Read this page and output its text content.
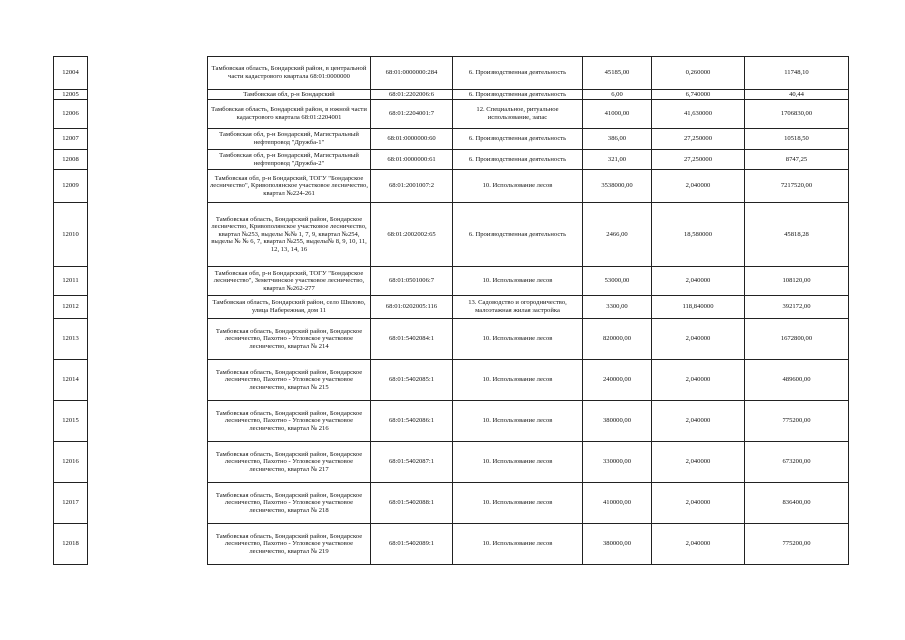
12004		Тамбовская область, Бондарский район, в центральной части кадастрового квартала 68:01:0000000	68:01:0000000:284	6. Производственная деятельность	45185,00	0,260000	11748,10
12005		Тамбовская обл, р-н Бондарский	68:01:2202006:6	6. Производственная деятельность	6,00	6,740000	40,44
12006		Тамбовская область, Бондарский район, в южной части кадастрового квартала 68:01:2204001	68:01:2204001:7	12. Специальное, ритуальное использование, запас	41000,00	41,630000	1706830,00
12007		Тамбовская обл, р-н Бондарский, Магистральный нефтепровод "Дружба-1"	68:01:0000000:60	6. Производственная деятельность	386,00	27,250000	10518,50
12008		Тамбовская обл, р-н Бондарский, Магистральный нефтепровод "Дружба-2"	68:01:0000000:61	6. Производственная деятельность	321,00	27,250000	8747,25
12009		Тамбовская обл, р-н Бондарский, ТОГУ "Бондарское лесничество", Кривополянское участковое лесничество, квартал №224-261	68:01:2001007:2	10. Использование лесов	3538000,00	2,040000	7217520,00
12010		Тамбовская область, Бондарский район, Бондарское лесничество, Кривополянское участковое лесничество, квартал №253, выделы №№ 1, 7, 9, квартал №254, выделы № № 6, 7, квартал №255, выделы№ 8, 9, 10, 11, 12, 13, 14, 16	68:01:2002002:65	6. Производственная деятельность	2466,00	18,580000	45818,28
12011		Тамбовская обл, р-н Бондарский, ТОГУ "Бондарское лесничество", Земетчинское участковое лесничество, квартал №262-277	68:01:0501006:7	10. Использование лесов	53000,00	2,040000	108120,00
12012		Тамбовская область, Бондарский район, село Шилово, улица Набережная, дом 11	68:01:0202005:116	13. Садоводство и огородничество, малоэтажная жилая застройка	3300,00	118,840000	392172,00
12013		Тамбовская область, Бондарский район, Бондарское лесничество, Пахотно - Угловское участковое лесничество, квартал № 214	68:01:5402084:1	10. Использование лесов	820000,00	2,040000	1672800,00
12014		Тамбовская область, Бондарский район, Бондарское лесничество, Пахотно - Угловское участковое лесничество, квартал № 215	68:01:5402085:1	10. Использование лесов	240000,00	2,040000	489600,00
12015		Тамбовская область, Бондарский район, Бондарское лесничество, Пахотно - Угловское участковое лесничество, квартал № 216	68:01:5402086:1	10. Использование лесов	380000,00	2,040000	775200,00
12016		Тамбовская область, Бондарский район, Бондарское лесничество, Пахотно - Угловское участковое лесничество, квартал № 217	68:01:5402087:1	10. Использование лесов	330000,00	2,040000	673200,00
12017		Тамбовская область, Бондарский район, Бондарское лесничество, Пахотно - Угловское участковое лесничество, квартал № 218	68:01:5402088:1	10. Использование лесов	410000,00	2,040000	836400,00
12018		Тамбовская область, Бондарский район, Бондарское лесничество, Пахотно - Угловское участковое лесничество, квартал № 219	68:01:5402089:1	10. Использование лесов	380000,00	2,040000	775200,00
